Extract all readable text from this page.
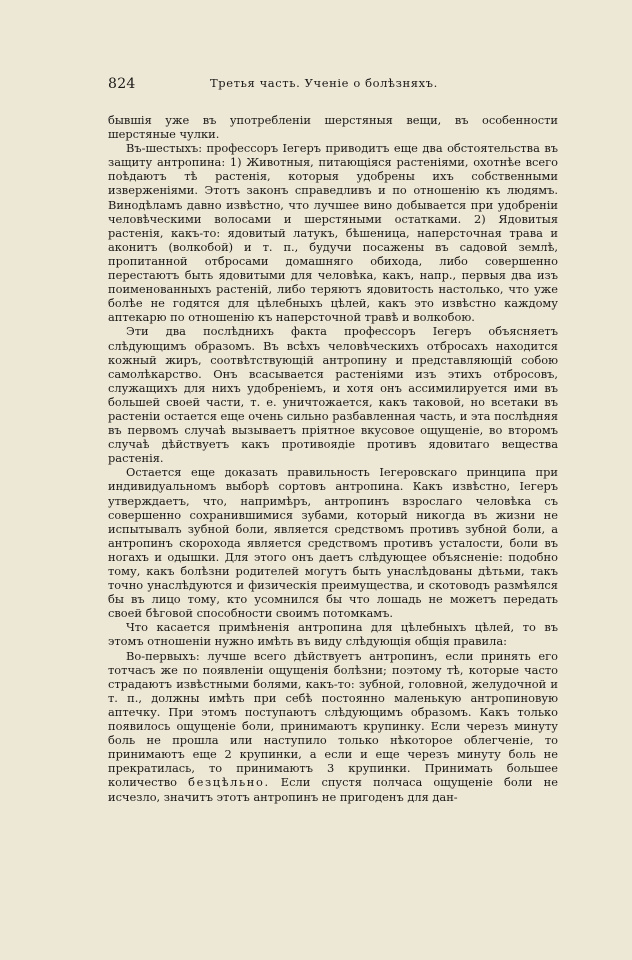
824	Третья часть. Ученіе о болѣзняхъ.

бывшія уже въ употребленіи шерстяныя вещи, въ особенности шерстяные чулки.

Въ-шестыхъ: профессоръ Iегеръ приводитъ еще два обстоятельства въ защиту антропина: 1) Животныя, питающіяся растеніями, охотнѣе всего поѣдаютъ тѣ растенія, которыя удобрены ихъ собственными изверженіями. Этотъ законъ справедливъ и по отношенію къ людямъ. Винодѣламъ давно извѣстно, что лучшее вино добывается при удобреніи человѣческими волосами и шерстяными остатками. 2) Ядовитыя растенія, какъ-то: ядовитый латукъ, бѣшеница, наперсточная трава и аконитъ (волкобой) и т. п., будучи посажены въ садовой землѣ, пропитанной отбросами домашняго обихода, либо совершенно перестаютъ быть ядовитыми для человѣка, какъ, напр., первыя два изъ поименованныхъ растеній, либо теряютъ ядовитость настолько, что уже болѣе не годятся для цѣлебныхъ цѣлей, какъ это извѣстно каждому аптекарю по отношенію къ наперсточной травѣ и волкобою.

Эти два послѣднихъ факта профессоръ Iегеръ объясняетъ слѣдующимъ образомъ. Въ всѣхъ человѣческихъ отбросахъ находится кожный жиръ, соотвѣтствующій антропину и представляющій собою самолѣкарство. Онъ всасывается растеніями изъ этихъ отбросовъ, служащихъ для нихъ удобреніемъ, и хотя онъ ассимилируется ими въ большей своей части, т. е. уничтожается, какъ таковой, но всетаки въ растеніи остается еще очень сильно разбавленная часть, и эта послѣдняя въ первомъ случаѣ вызываетъ пріятное вкусовое ощущеніе, во второмъ случаѣ дѣйствуетъ какъ противоядіе противъ ядовитаго вещества растенія.

Остается еще доказать правильность Iегеровскаго принципа при индивидуальномъ выборѣ сортовъ антропина. Какъ извѣстно, Iегеръ утверждаетъ, что, напримѣръ, антропинъ взрослаго человѣка съ совершенно сохранившимися зубами, который никогда въ жизни не испытывалъ зубной боли, является средствомъ противъ зубной боли, а антропинъ скорохода является средствомъ противъ усталости, боли въ ногахъ и одышки. Для этого онъ даетъ слѣдующее объясненіе: подобно тому, какъ болѣзни родителей могутъ быть унаслѣдованы дѣтьми, такъ точно унаслѣдуются и физическія преимущества, и скотоводъ размѣялся бы въ лицо тому, кто усомнился бы что лошадь не можетъ передать своей бѣговой способности своимъ потомкамъ.

Что касается примѣненія антропина для цѣлебныхъ цѣлей, то въ этомъ отношеніи нужно имѣть въ виду слѣдующія общія правила:

Во-первыхъ: лучше всего дѣйствуетъ антропинъ, если принять его тотчасъ же по появленіи ощущенія болѣзни; поэтому тѣ, которые часто страдаютъ извѣстными болями, какъ-то: зубной, головной, желудочной и т. п., должны имѣть при себѣ постоянно маленькую антропиновую аптечку. При этомъ поступаютъ слѣдующимъ образомъ. Какъ только появилось ощущеніе боли, принимаютъ крупинку. Если черезъ минуту боль не прошла или наступило только нѣкоторое облегченіе, то принимаютъ еще 2 крупинки, а если и еще черезъ минуту боль не прекратилась, то принимаютъ 3 крупинки. Принимать большее количество безцѣльно. Если спустя полчаса ощущеніе боли не исчезло, значитъ этотъ антропинъ не пригоденъ для дан-
